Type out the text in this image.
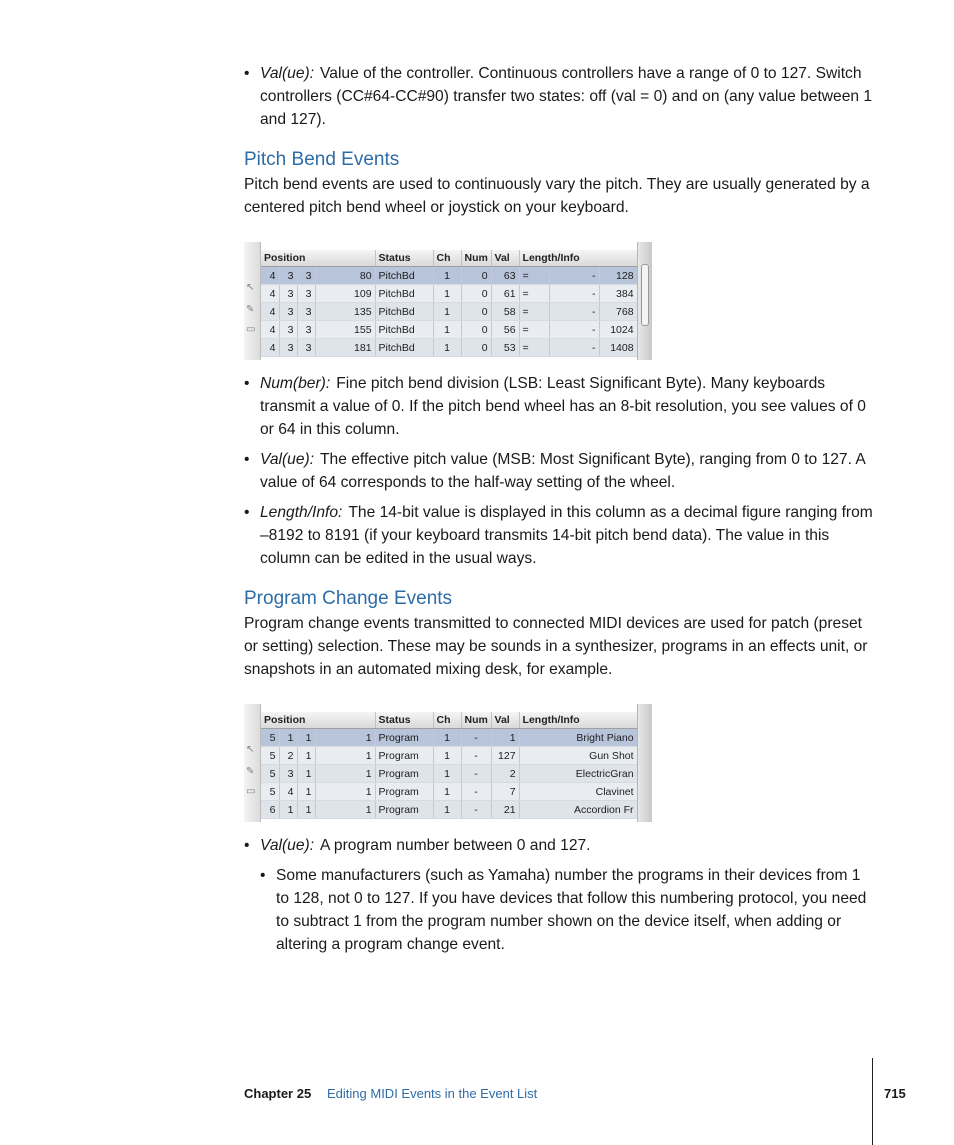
• Val(ue): Value of the controller. Continuous controllers have a range of 0 to 127. Switch controllers (CC#64-CC#90) transfer two states: off (val = 0) and on (any value between 1 and 127).

Pitch Bend Events

Pitch bend events are used to continuously vary the pitch. They are usually generated by a centered pitch bend wheel or joystick on your keyboard.

↖
✎
▭
Position				Status	Ch	Num	Val	Length/Info		
4	3	3	80	PitchBd	1	0	63	=	-	128
4	3	3	109	PitchBd	1	0	61	=	-	384
4	3	3	135	PitchBd	1	0	58	=	-	768
4	3	3	155	PitchBd	1	0	56	=	-	1024
4	3	3	181	PitchBd	1	0	53	=	-	1408

• Num(ber): Fine pitch bend division (LSB: Least Significant Byte). Many keyboards transmit a value of 0. If the pitch bend wheel has an 8-bit resolution, you see values of 0 or 64 in this column.

• Val(ue): The effective pitch value (MSB: Most Significant Byte), ranging from 0 to 127. A value of 64 corresponds to the half-way setting of the wheel.

• Length/Info: The 14-bit value is displayed in this column as a decimal figure ranging from –8192 to 8191 (if your keyboard transmits 14-bit pitch bend data). The value in this column can be edited in the usual ways.

Program Change Events

Program change events transmitted to connected MIDI devices are used for patch (preset or setting) selection. These may be sounds in a synthesizer, programs in an effects unit, or snapshots in an automated mixing desk, for example.

↖
✎
▭
Position				Status	Ch	Num	Val	Length/Info
5	1	1	1	Program	1	-	1	Bright Piano
5	2	1	1	Program	1	-	127	Gun Shot
5	3	1	1	Program	1	-	2	ElectricGran
5	4	1	1	Program	1	-	7	Clavinet
6	1	1	1	Program	1	-	21	Accordion Fr

• Val(ue): A program number between 0 and 127.

• Some manufacturers (such as Yamaha) number the programs in their devices from 1 to 128, not 0 to 127. If you have devices that follow this numbering protocol, you need to subtract 1 from the program number shown on the device itself, when adding or altering a program change event.

Chapter 25 Editing MIDI Events in the Event List	715
